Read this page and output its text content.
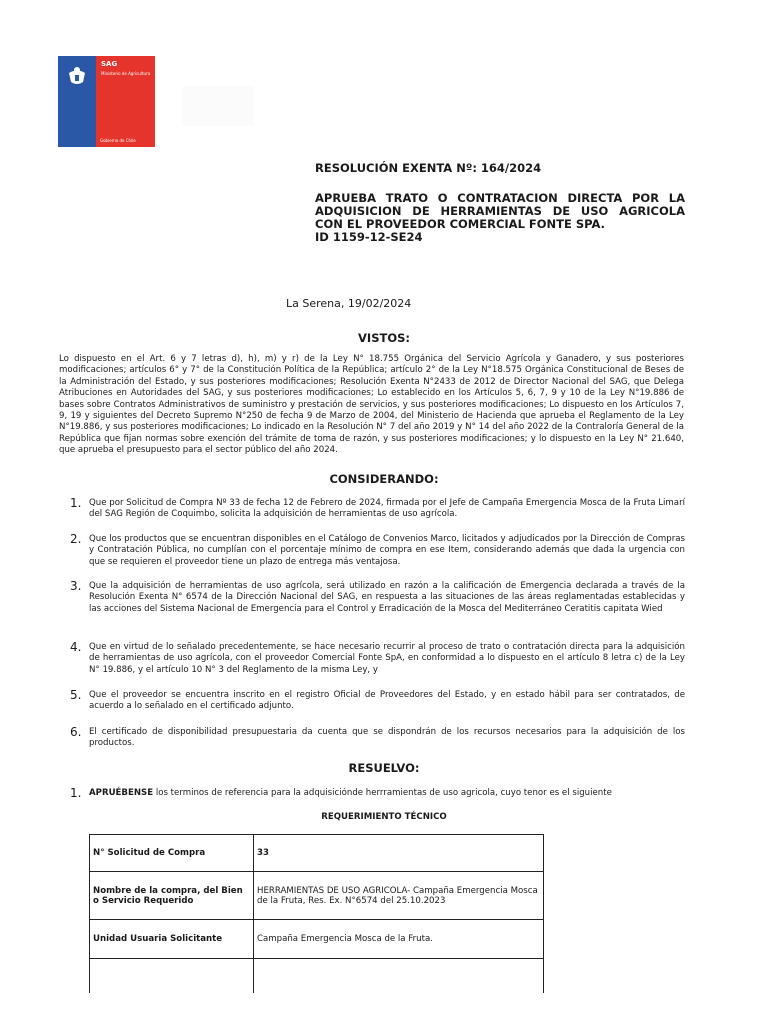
SAG
Ministerio de Agricultura
Gobierno de Chile
RESOLUCIÓN EXENTA Nº: 164/2024
APRUEBA TRATO O CONTRATACION DIRECTA POR LA
ADQUISICION DE HERRAMIENTAS DE USO AGRICOLA
CON EL PROVEEDOR COMERCIAL FONTE SPA.
ID 1159-12-SE24
La Serena, 19/02/2024
VISTOS:
Lo dispuesto en el Art. 6 y 7 letras d), h), m) y r) de la Ley N° 18.755 Orgánica del Servicio Agrícola y Ganadero, y sus posteriores modificaciones; artículos 6° y 7° de la Constitución Política de la República; artículo 2° de la Ley N°18.575 Orgánica Constitucional de Beses de la Administración del Estado, y sus posteriores modificaciones; Resolución Exenta N°2433 de 2012 de Director Nacional del SAG, que Delega Atribuciones en Autoridades del SAG, y sus posteriores modificaciones; Lo establecido en los Artículos 5, 6, 7, 9 y 10 de la Ley N°19.886 de bases sobre Contratos Administrativos de suministro y prestación de servicios, y sus posteriores modificaciones; Lo dispuesto en los Artículos 7, 9, 19 y siguientes del Decreto Supremo N°250 de fecha 9 de Marzo de 2004, del Ministerio de Hacienda que aprueba el Reglamento de la Ley N°19.886, y sus posteriores modificaciones; Lo indicado en la Resolución N° 7 del año 2019 y N° 14 del año 2022 de la Contraloría General de la República que fijan normas sobre exención del trámite de toma de razón, y sus posteriores modificaciones; y lo dispuesto en la Ley N° 21.640, que aprueba el presupuesto para el sector público del año 2024.
CONSIDERANDO:
1. Que por Solicitud de Compra Nº 33 de fecha 12 de Febrero de 2024, firmada por el Jefe de Campaña Emergencia Mosca de la Fruta Limarí del SAG Región de Coquimbo, solicita la adquisición de herramientas de uso agrícola.
2. Que los productos que se encuentran disponibles en el Catálogo de Convenios Marco, licitados y adjudicados por la Dirección de Compras y Contratación Pública, no cumplían con el porcentaje mínimo de compra en ese Item, considerando además que dada la urgencia con que se requieren el proveedor tiene un plazo de entrega más ventajosa.
3. Que la adquisición de herramientas de uso agrícola, será utilizado en razón a la calificación de Emergencia declarada a través de la Resolución Exenta N° 6574 de la Dirección Nacional del SAG, en respuesta a las situaciones de las áreas reglamentadas establecidas y las acciones del Sistema Nacional de Emergencia para el Control y Erradicación de la Mosca del Mediterráneo Ceratitis capitata Wied
4. Que en virtud de lo señalado precedentemente, se hace necesario recurrir al proceso de trato o contratación directa para la adquisición de herramientas de uso agrícola, con el proveedor Comercial Fonte SpA, en conformidad a lo dispuesto en el artículo 8 letra c) de la Ley N° 19.886, y el artículo 10 N° 3 del Reglamento de la misma Ley, y
5. Que el proveedor se encuentra inscrito en el registro Oficial de Proveedores del Estado, y en estado hábil para ser contratados, de acuerdo a lo señalado en el certificado adjunto.
6. El certificado de disponibilidad presupuestaria da cuenta que se dispondrán de los recursos necesarios para la adquisición de los productos.
RESUELVO:
1. APRUÉBENSE los terminos de referencia para la adquisiciónde herrramientas de uso agricola, cuyo tenor es el siguiente
REQUERIMIENTO TÉCNICO
N° Solicitud de Compra	33
Nombre de la compra, del Bien o Servicio Requerido	HERRAMIENTAS DE USO AGRICOLA- Campaña Emergencia Mosca de la Fruta, Res. Ex. N°6574 del 25.10.2023
Unidad Usuaria Solicitante	Campaña Emergencia Mosca de la Fruta.
